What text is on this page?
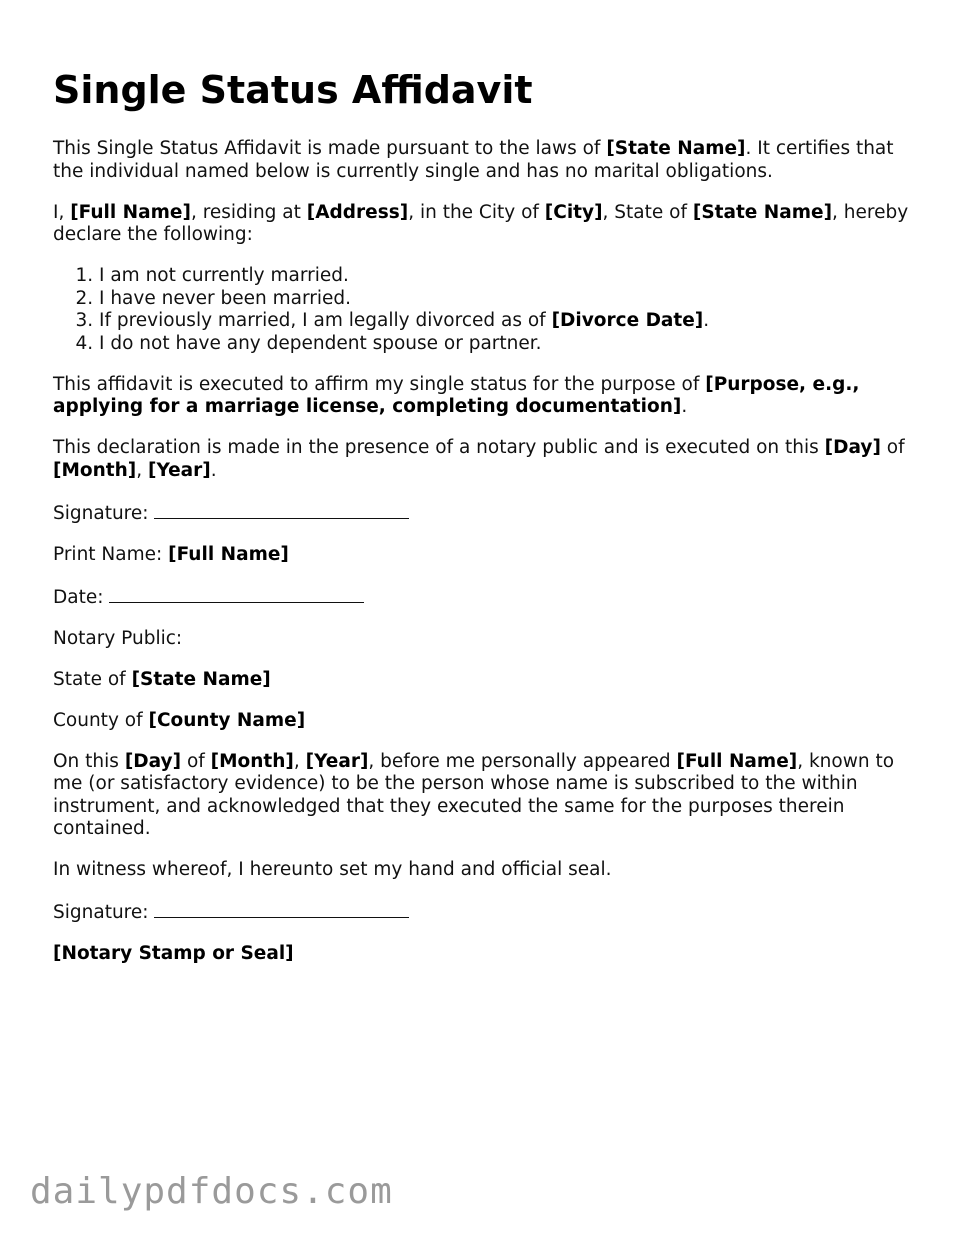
Single Status Affidavit

This Single Status Affidavit is made pursuant to the laws of [State Name]. It certifies that the individual named below is currently single and has no marital obligations.

I, [Full Name], residing at [Address], in the City of [City], State of [State Name], hereby declare the following:

1. I am not currently married.
2. I have never been married.
3. If previously married, I am legally divorced as of [Divorce Date].
4. I do not have any dependent spouse or partner.

This affidavit is executed to affirm my single status for the purpose of [Purpose, e.g., applying for a marriage license, completing documentation].

This declaration is made in the presence of a notary public and is executed on this [Day] of [Month], [Year].

Signature:

Print Name: [Full Name]

Date:

Notary Public:

State of [State Name]

County of [County Name]

On this [Day] of [Month], [Year], before me personally appeared [Full Name], known to me (or satisfactory evidence) to be the person whose name is subscribed to the within instrument, and acknowledged that they executed the same for the purposes therein contained.

In witness whereof, I hereunto set my hand and official seal.

Signature:

[Notary Stamp or Seal]

dailypdfdocs.com
